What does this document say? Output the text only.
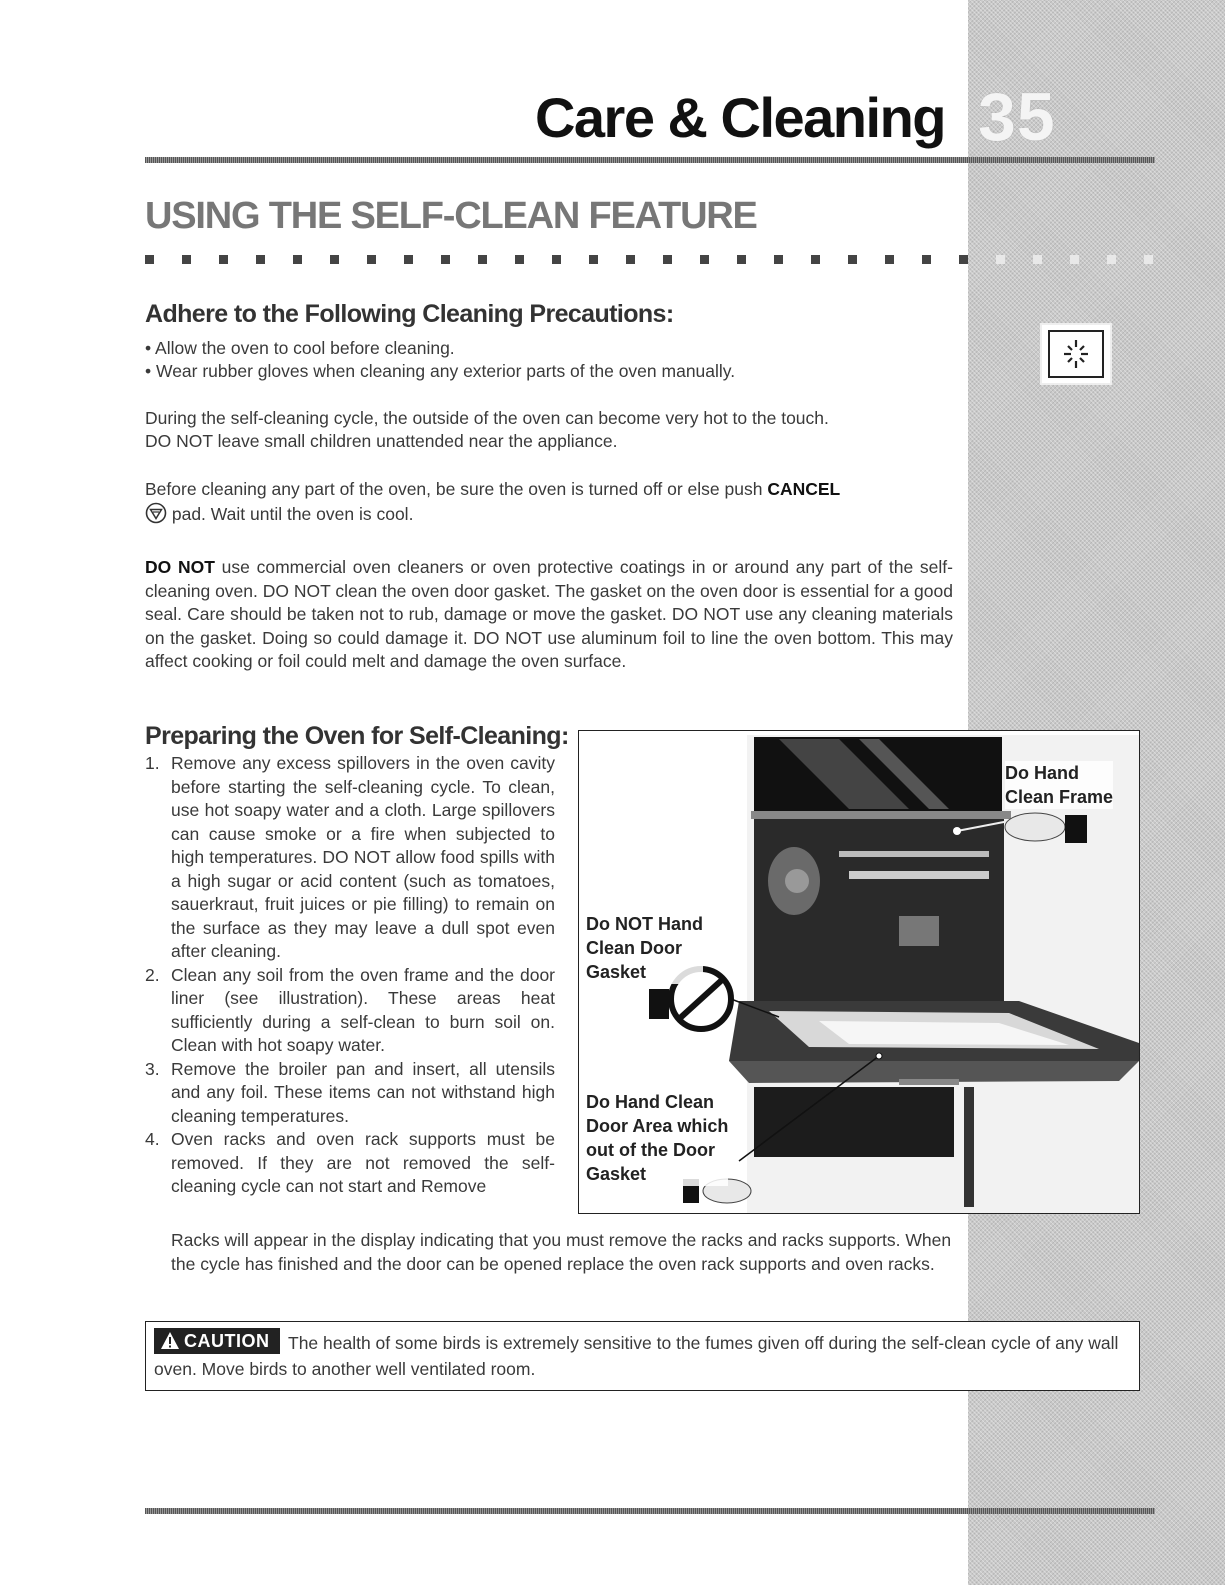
Care & Cleaning 35
USING THE SELF-CLEAN FEATURE
Adhere to the Following Cleaning Precautions:
• Allow the oven to cool before cleaning.
• Wear rubber gloves when cleaning any exterior parts of the oven manually.
During the self-cleaning cycle, the outside of the oven can become very hot to the touch.
DO NOT leave small children unattended near the appliance.
Before cleaning any part of the oven, be sure the oven is turned off or else push CANCEL
pad. Wait until the oven is cool.
DO NOT use commercial oven cleaners or oven protective coatings in or around any part of the self-cleaning oven. DO NOT clean the oven door gasket. The gasket on the oven door is essential for a good seal. Care should be taken not to rub, damage or move the gasket. DO NOT use any cleaning materials on the gasket. Doing so could damage it. DO NOT use aluminum foil to line the oven bottom. This may affect cooking or foil could melt and damage the oven surface.
Preparing the Oven for Self-Cleaning:
1. Remove any excess spillovers in the oven cavity before starting the self-cleaning cycle. To clean, use hot soapy water and a cloth. Large spillovers can cause smoke or a fire when subjected to high temperatures. DO NOT allow food spills with a high sugar or acid content (such as tomatoes, sauerkraut, fruit juices or pie filling) to remain on the surface as they may leave a dull spot even after cleaning.
2. Clean any soil from the oven frame and the door liner (see illustration). These areas heat sufficiently during a self-clean to burn soil on. Clean with hot soapy water.
3. Remove the broiler pan and insert, all utensils and any foil. These items can not withstand high cleaning temperatures.
4. Oven racks and oven rack supports must be removed. If they are not removed the self-cleaning cycle can not start and Remove
Racks will appear in the display indicating that you must remove the racks and racks supports. When the cycle has finished and the door can be opened replace the oven rack supports and oven racks.
Do Hand
Clean Frame
Do NOT Hand
Clean Door
Gasket
Do Hand Clean
Door Area which
out of the Door
Gasket
The health of some birds is extremely sensitive to the fumes given off during the self-clean cycle of any wall oven. Move birds to another well ventilated room.
CAUTION
